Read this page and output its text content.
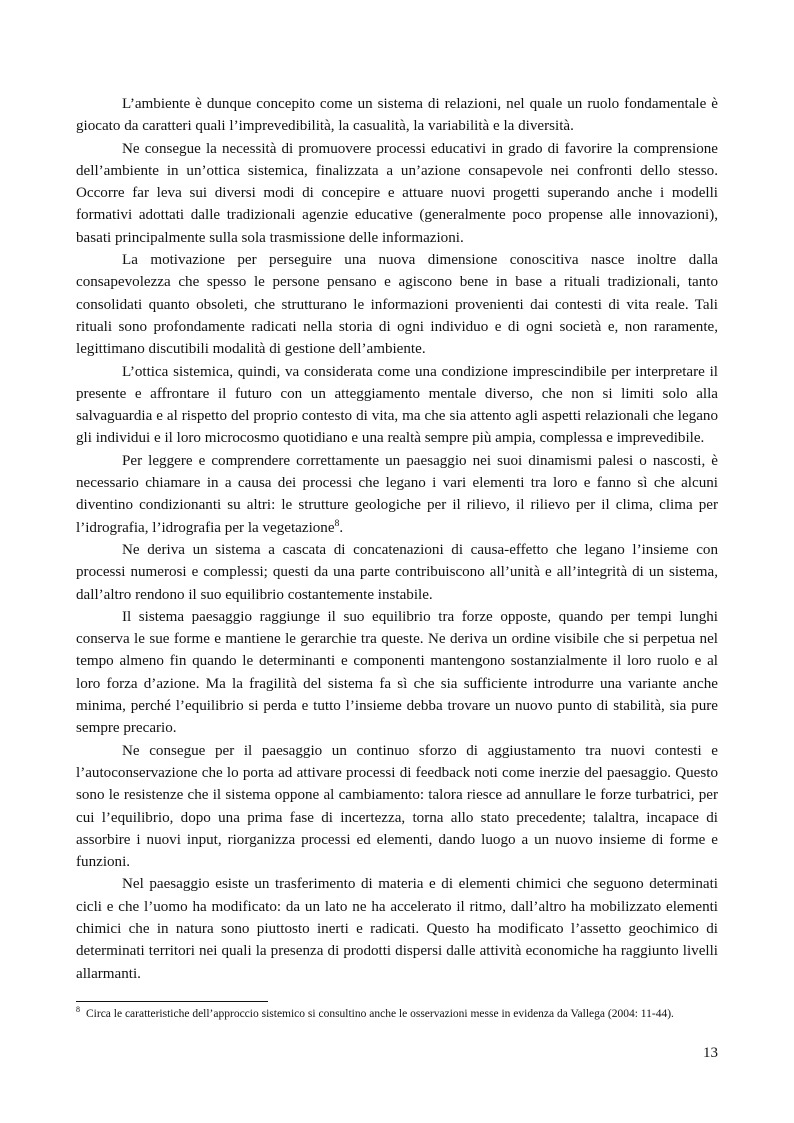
L’ambiente è dunque concepito come un sistema di relazioni, nel quale un ruolo fondamentale è giocato da caratteri quali l’imprevedibilità, la casualità, la variabilità e la diversità.

Ne consegue la necessità di promuovere processi educativi in grado di favorire la comprensione dell’ambiente in un’ottica sistemica, finalizzata a un’azione consapevole nei confronti dello stesso. Occorre far leva sui diversi modi di concepire e attuare nuovi progetti superando anche i modelli formativi adottati dalle tradizionali agenzie educative (generalmente poco propense alle innovazioni), basati principalmente sulla sola trasmissione delle informazioni.

La motivazione per perseguire una nuova dimensione conoscitiva nasce inoltre dalla consapevolezza che spesso le persone pensano e agiscono bene in base a rituali tradizionali, tanto consolidati quanto obsoleti, che strutturano le informazioni provenienti dai contesti di vita reale. Tali rituali sono profondamente radicati nella storia di ogni individuo e di ogni società e, non raramente, legittimano discutibili modalità di gestione dell’ambiente.

L’ottica sistemica, quindi, va considerata come una condizione imprescindibile per interpretare il presente e affrontare il futuro con un atteggiamento mentale diverso, che non si limiti solo alla salvaguardia e al rispetto del proprio contesto di vita, ma che sia attento agli aspetti relazionali che legano gli individui e il loro microcosmo quotidiano e una realtà sempre più ampia, complessa e imprevedibile.

Per leggere e comprendere correttamente un paesaggio nei suoi dinamismi palesi o nascosti, è necessario chiamare in a causa dei processi che legano i vari elementi tra loro e fanno sì che alcuni diventino condizionanti su altri: le strutture geologiche per il rilievo, il rilievo per il clima, clima per l’idrografia, l’idrografia per la vegetazione$^8$.

Ne deriva un sistema a cascata di concatenazioni di causa-effetto che legano l’insieme con processi numerosi e complessi; questi da una parte contribuiscono all’unità e all’integrità di un sistema, dall’altro rendono il suo equilibrio costantemente instabile.

Il sistema paesaggio raggiunge il suo equilibrio tra forze opposte, quando per tempi lunghi conserva le sue forme e mantiene le gerarchie tra queste. Ne deriva un ordine visibile che si perpetua nel tempo almeno fin quando le determinanti e componenti mantengono sostanzialmente il loro ruolo e al loro forza d’azione. Ma la fragilità del sistema fa sì che sia sufficiente introdurre una variante anche minima, perché l’equilibrio si perda e tutto l’insieme debba trovare un nuovo punto di stabilità, sia pure sempre precario.

Ne consegue per il paesaggio un continuo sforzo di aggiustamento tra nuovi contesti e l’autoconservazione che lo porta ad attivare processi di feedback noti come inerzie del paesaggio. Questo sono le resistenze che il sistema oppone al cambiamento: talora riesce ad annullare le forze turbatrici, per cui l’equilibrio, dopo una prima fase di incertezza, torna allo stato precedente; talaltra, incapace di assorbire i nuovi input, riorganizza processi ed elementi, dando luogo a un nuovo insieme di forme e funzioni.

Nel paesaggio esiste un trasferimento di materia e di elementi chimici che seguono determinati cicli e che l’uomo ha modificato: da un lato ne ha accelerato il ritmo, dall’altro ha mobilizzato elementi chimici che in natura sono piuttosto inerti e radicati. Questo ha modificato l’assetto geochimico di determinati territori nei quali la presenza di prodotti dispersi dalle attività economiche ha raggiunto livelli allarmanti.

$^8$ Circa le caratteristiche dell’approccio sistemico si consultino anche le osservazioni messe in evidenza da Vallega (2004: 11-44).

13
